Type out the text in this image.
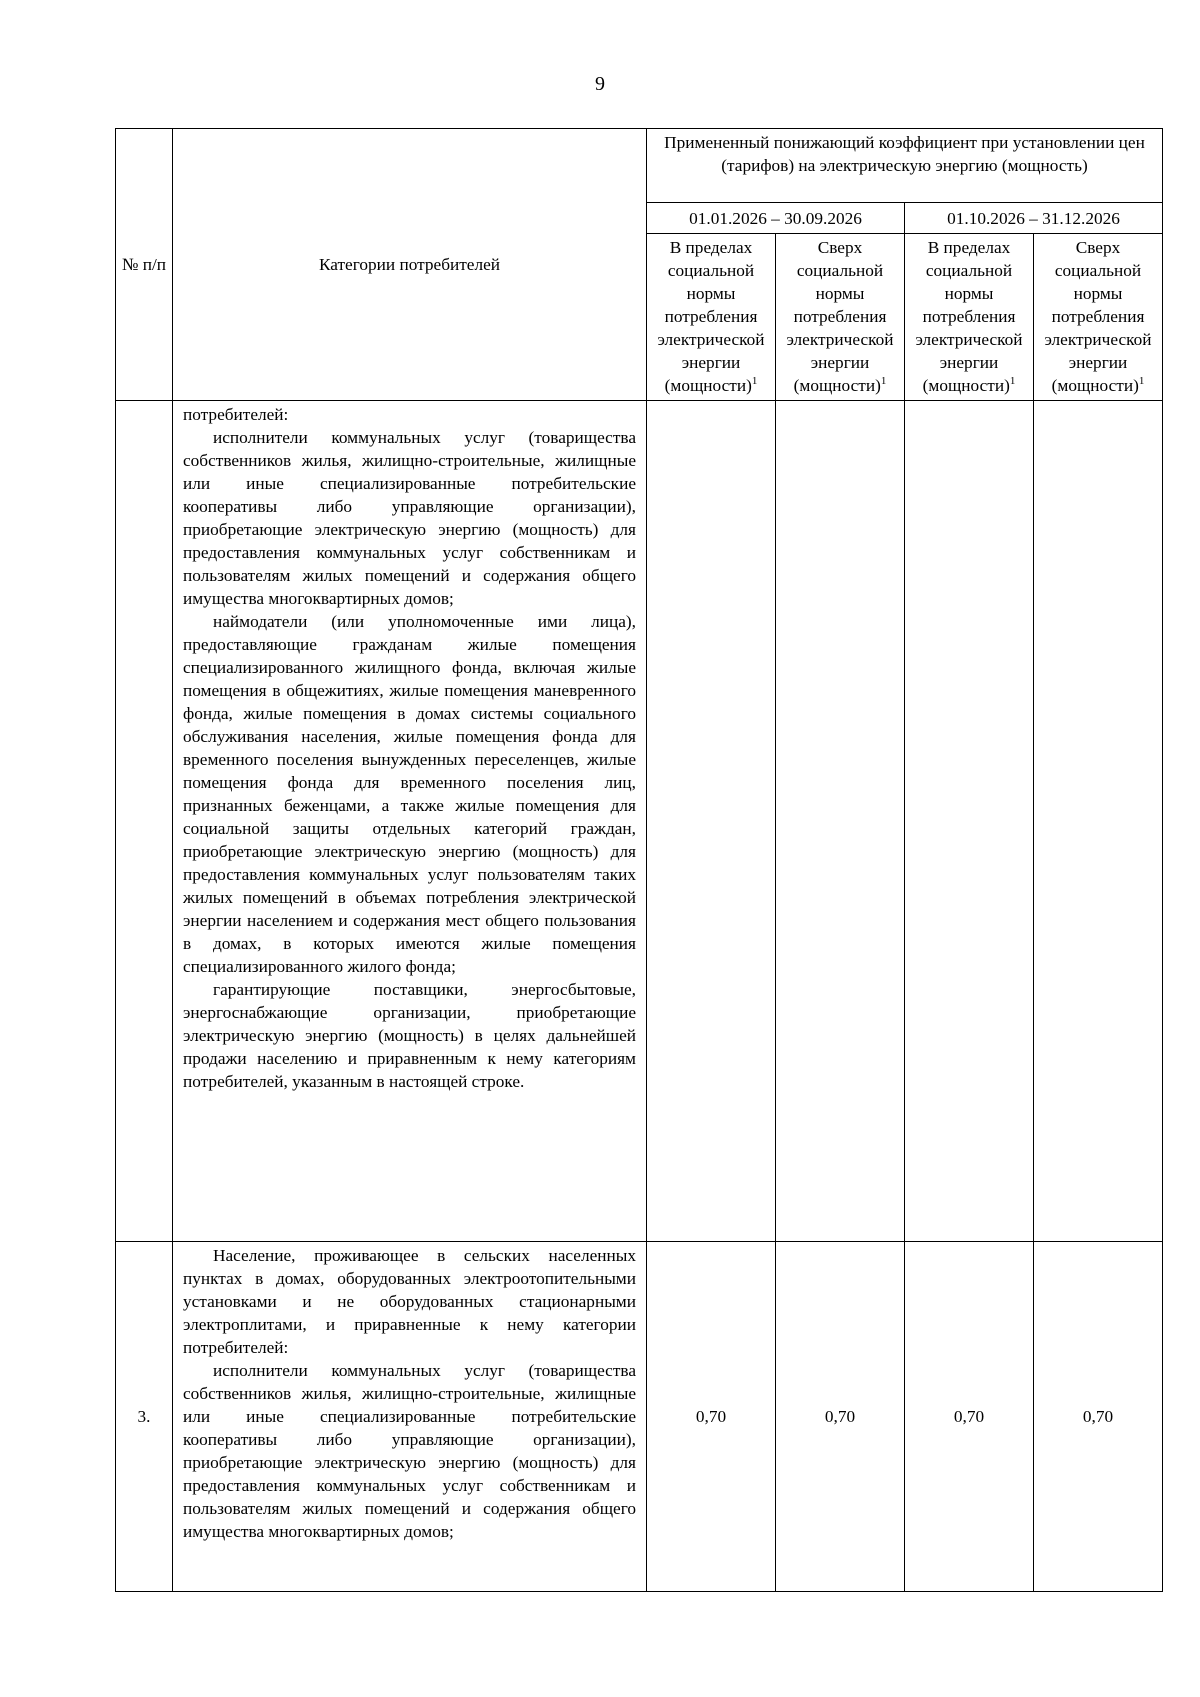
9
№ п/п	Категории потребителей	Примененный понижающий коэффициент при установлении цен (тарифов) на электрическую энергию (мощность)			
		01.01.2026 – 30.09.2026		01.10.2026 – 31.12.2026	
		В пределах социальной нормы потребления электрической энергии (мощности)$^1$	Сверх социальной нормы потребления электрической энергии (мощности)$^1$	В пределах социальной нормы потребления электрической энергии (мощности)$^1$	Сверх социальной нормы потребления электрической энергии (мощности)$^1$

	потребителей:

исполнители коммунальных услуг (товарищества собственников жилья, жилищно-строительные, жилищные или иные специализированные потребительские кооперативы либо управляющие организации), приобретающие электрическую энергию (мощность) для предоставления коммунальных услуг собственникам и пользователям жилых помещений и содержания общего имущества многоквартирных домов;

наймодатели (или уполномоченные ими лица), предоставляющие гражданам жилые помещения специализированного жилищного фонда, включая жилые помещения в общежитиях, жилые помещения маневренного фонда, жилые помещения в домах системы социального обслуживания населения, жилые помещения фонда для временного поселения вынужденных переселенцев, жилые помещения фонда для временного поселения лиц, признанных беженцами, а также жилые помещения для социальной защиты отдельных категорий граждан, приобретающие электрическую энергию (мощность) для предоставления коммунальных услуг пользователям таких жилых помещений в объемах потребления электрической энергии населением и содержания мест общего пользования в домах, в которых имеются жилые помещения специализированного жилого фонда;

гарантирующие поставщики, энергосбытовые, энергоснабжающие организации, приобретающие электрическую энергию (мощность) в целях дальнейшей продажи населению и приравненным к нему категориям потребителей, указанным в настоящей строке.				

3.	Население, проживающее в сельских населенных пунктах в домах, оборудованных электроотопительными установками и не оборудованных стационарными электроплитами, и приравненные к нему категории потребителей:

исполнители коммунальных услуг (товарищества собственников жилья, жилищно-строительные, жилищные или иные специализированные потребительские кооперативы либо управляющие организации), приобретающие электрическую энергию (мощность) для предоставления коммунальных услуг собственникам и пользователям жилых помещений и содержания общего имущества многоквартирных домов;	0,70	0,70	0,70	0,70
